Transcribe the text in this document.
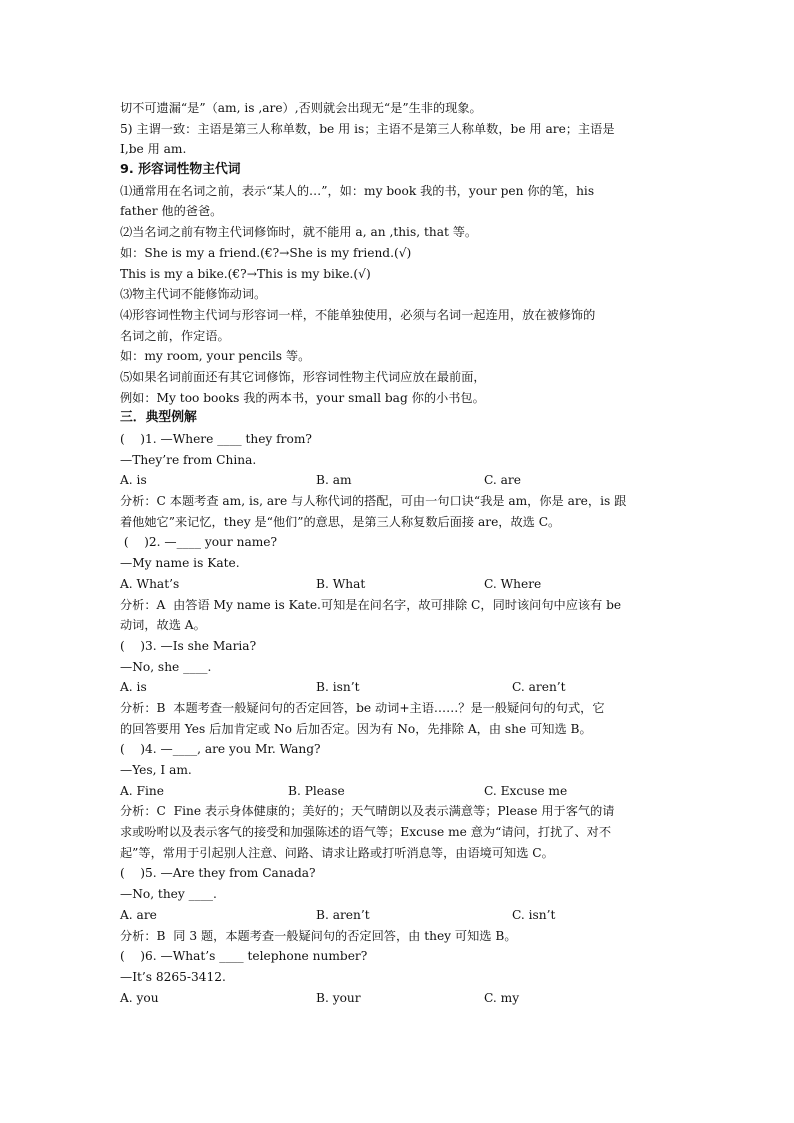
切不可遗漏“是”（am, is ,are）,否则就会出现无“是”生非的现象。
5) 主谓一致：主语是第三人称单数，be 用 is；主语不是第三人称单数，be 用 are；主语是
I,be 用 am.
9. 形容词性物主代词
⑴通常用在名词之前，表示“某人的…”，如：my book 我的书，your pen 你的笔，his
father 他的爸爸。
⑵当名词之前有物主代词修饰时，就不能用 a, an ,this, that 等。
如：She is my a friend.(€?→She is my friend.(√)
This is my a bike.(€?→This is my bike.(√)
⑶物主代词不能修饰动词。
⑷形容词性物主代词与形容词一样，不能单独使用，必须与名词一起连用，放在被修饰的
名词之前，作定语。
如：my room, your pencils 等。
⑸如果名词前面还有其它词修饰，形容词性物主代词应放在最前面，
例如：My too books 我的两本书，your small bag 你的小书包。
三．典型例解
(    )1. —Where ____ they from?
—They’re from China.
A. is	B. am	C. are
分析：C 本题考查 am, is, are 与人称代词的搭配，可由一句口诀“我是 am，你是 are，is 跟
着他她它”来记忆，they 是“他们”的意思，是第三人称复数后面接 are，故选 C。
(    )2. —____ your name?
—My name is Kate.
A. What’s	B. What	C. Where
分析：A  由答语 My name is Kate.可知是在问名字，故可排除 C，同时该问句中应该有 be
动词，故选 A。
(    )3. —Is she Maria?
—No, she ____.
A. is	B. isn’t	C. aren’t
分析：B  本题考查一般疑问句的否定回答，be 动词+主语……？是一般疑问句的句式，它
的回答要用 Yes 后加肯定或 No 后加否定。因为有 No，先排除 A，由 she 可知选 B。
(    )4. —____, are you Mr. Wang?
—Yes, I am.
A. Fine	B. Please	C. Excuse me
分析：C  Fine 表示身体健康的；美好的；天气晴朗以及表示满意等；Please 用于客气的请
求或吩咐以及表示客气的接受和加强陈述的语气等；Excuse me 意为“请问，打扰了、对不
起”等，常用于引起别人注意、问路、请求让路或打听消息等，由语境可知选 C。
(    )5. —Are they from Canada?
—No, they ____.
A. are	B. aren’t	C. isn’t
分析：B  同 3 题，本题考查一般疑问句的否定回答，由 they 可知选 B。
(    )6. —What’s ____ telephone number?
—It’s 8265-3412.
A. you	B. your	C. my
